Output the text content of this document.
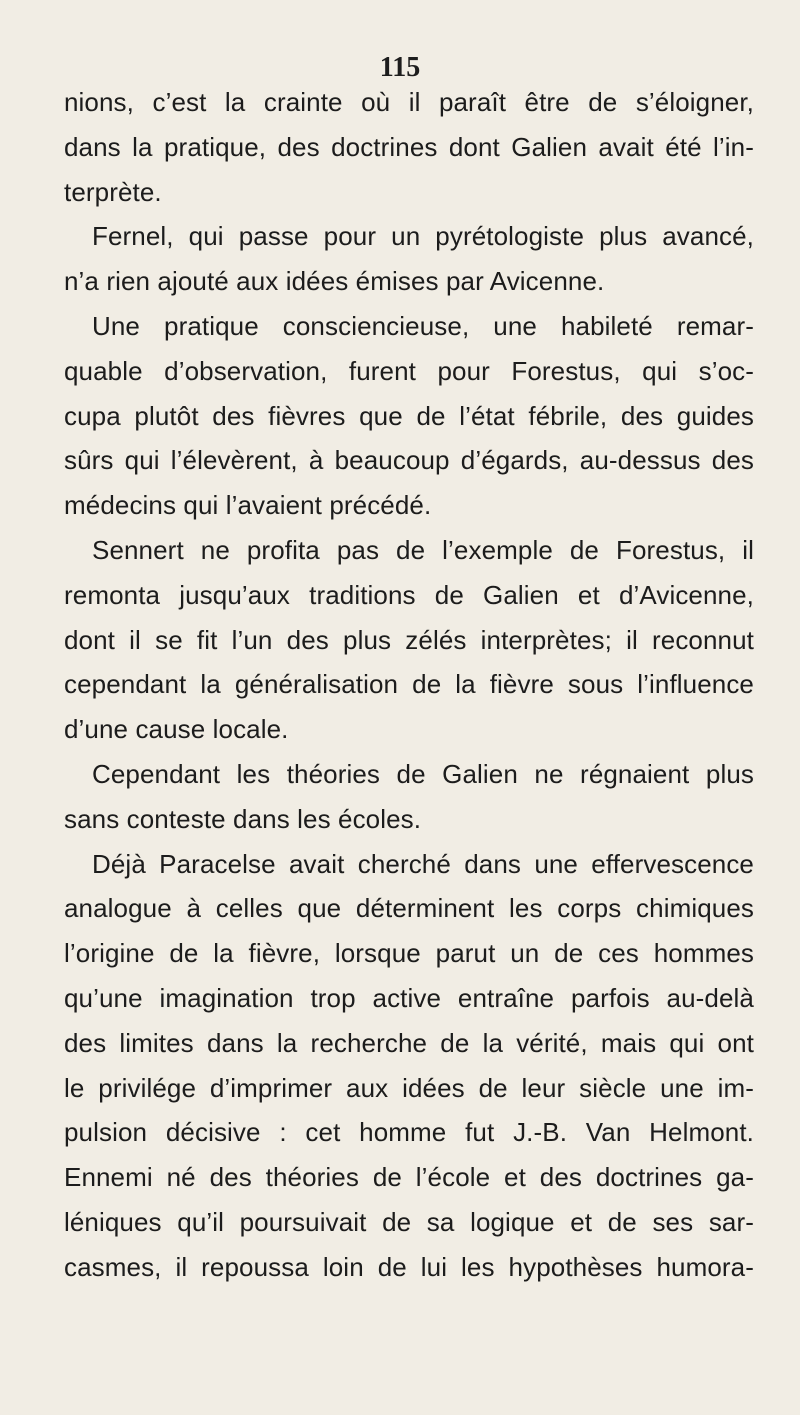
115
nions, c’est la crainte où il paraît être de s’éloigner,
dans la pratique, des doctrines dont Galien avait été l’in-
terprète.
Fernel, qui passe pour un pyrétologiste plus avancé,
n’a rien ajouté aux idées émises par Avicenne.
Une pratique consciencieuse, une habileté remar-
quable d’observation, furent pour Forestus, qui s’oc-
cupa plutôt des fièvres que de l’état fébrile, des guides
sûrs qui l’élevèrent, à beaucoup d’égards, au-dessus des
médecins qui l’avaient précédé.
Sennert ne profita pas de l’exemple de Forestus, il
remonta jusqu’aux traditions de Galien et d’Avicenne,
dont il se fit l’un des plus zélés interprètes; il reconnut
cependant la généralisation de la fièvre sous l’influence
d’une cause locale.
Cependant les théories de Galien ne régnaient plus
sans conteste dans les écoles.
Déjà Paracelse avait cherché dans une effervescence
analogue à celles que déterminent les corps chimiques
l’origine de la fièvre, lorsque parut un de ces hommes
qu’une imagination trop active entraîne parfois au-delà
des limites dans la recherche de la vérité, mais qui ont
le privilége d’imprimer aux idées de leur siècle une im-
pulsion décisive : cet homme fut J.-B. Van Helmont.
Ennemi né des théories de l’école et des doctrines ga-
léniques qu’il poursuivait de sa logique et de ses sar-
casmes, il repoussa loin de lui les hypothèses humora-
